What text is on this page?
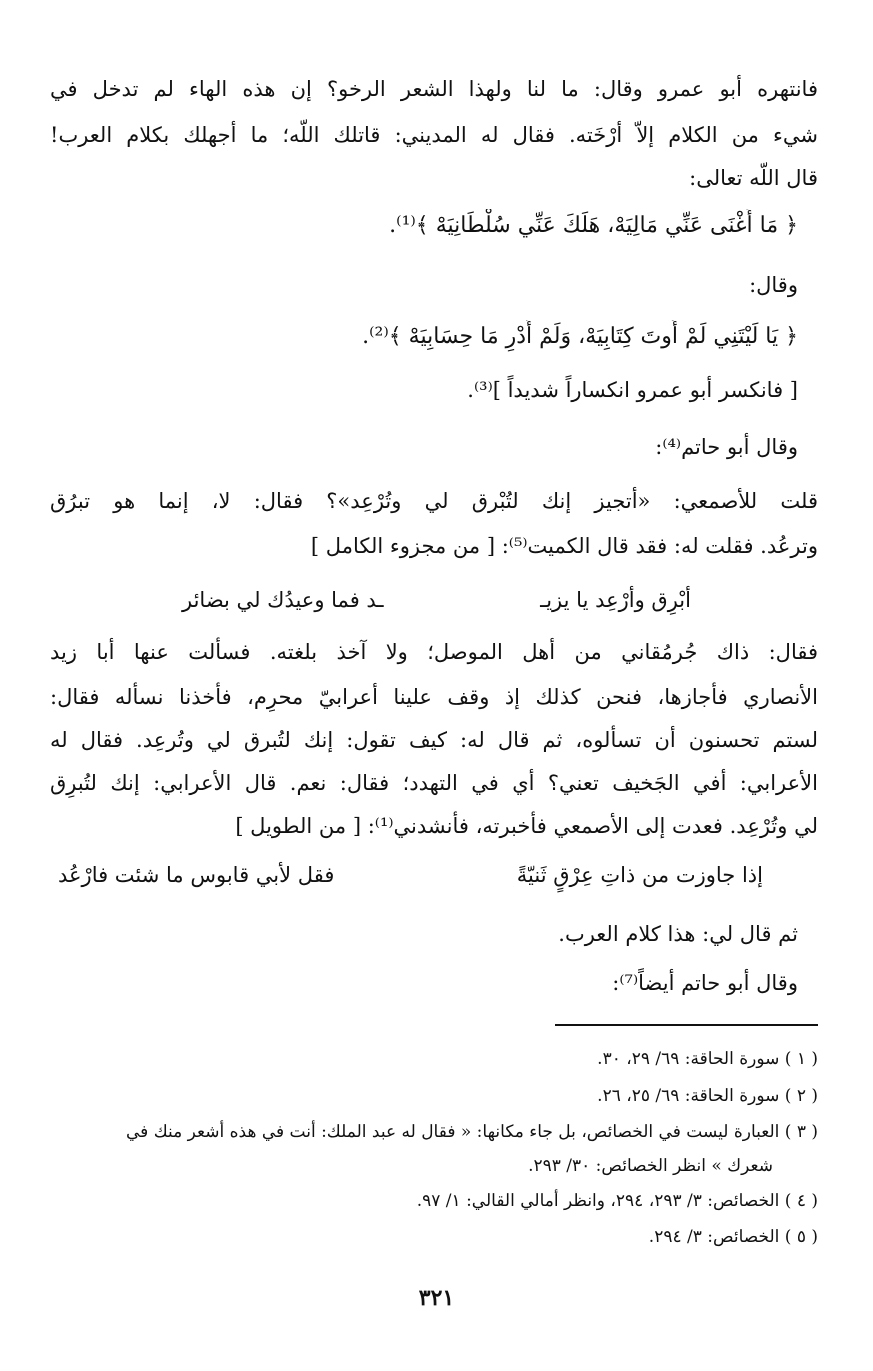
فانتهره أبو عمرو وقال: ما لنا ولهذا الشعر الرخو؟ إن هذه الهاء لم تدخل في
شيء من الكلام إلاّ أرْخَته. فقال له المديني: قاتلك اللّه؛ ما أجهلك بكلام العرب!
قال اللّه تعالى:
﴿ مَا أَغْنَى عَنِّي مَالِيَهْ، هَلَكَ عَنِّي سُلْطَانِيَهْ ﴾⁽¹⁾.
وقال:
﴿ يَا لَيْتَنِي لَمْ أُوتَ كِتَابِيَهْ، وَلَمْ أَدْرِ مَا حِسَابِيَهْ ﴾⁽²⁾.
[ فانكسر أبو عمرو انكساراً شديداً ]⁽³⁾.
وقال أبو حاتم⁽⁴⁾:
قلت للأصمعي: «أتجيز إنك لتُبْرق لي وتُرْعِد»؟ فقال: لا، إنما هو تبرُق
وترعُد. فقلت له: فقد قال الكميت⁽⁵⁾: [ من مجزوء الكامل ]
أبْرِق وأرْعِد يا يزيـ
ـد فما وعيدُك لي بضائر
فقال: ذاك جُرمُقاني من أهل الموصل؛ ولا آخذ بلغته. فسألت عنها أبا زيد
الأنصاري فأجازها، فنحن كذلك إذ وقف علينا أعرابيّ محرِم، فأخذنا نسأله فقال:
لستم تحسنون أن تسألوه، ثم قال له: كيف تقول: إنك لتُبرق لي وتُرعِد. فقال له
الأعرابي: أفي الجَخيف تعني؟ أي في التهدد؛ فقال: نعم. قال الأعرابي: إنك لتُبرِق
لي وتُرْعِد. فعدت إلى الأصمعي فأخبرته، فأنشدني⁽¹⁾: [ من الطويل ]
إذا جاوزت من ذاتِ عِرْقٍ ثَنيّةً
فقل لأبي قابوس ما شئت فارْعُد
ثم قال لي: هذا كلام العرب.
وقال أبو حاتم أيضاً⁽⁷⁾:
( ١ ) سورة الحاقة: ٦٩/ ٢٩، ٣٠.
( ٢ ) سورة الحاقة: ٦٩/ ٢٥، ٢٦.
( ٣ ) العبارة ليست في الخصائص، بل جاء مكانها: « فقال له عبد الملك: أنت في هذه أشعر منك في
شعرك » انظر الخصائص: ٣٠/ ٢٩٣.
( ٤ ) الخصائص: ٣/ ٢٩٣، ٢٩٤، وانظر أمالي القالي: ١/ ٩٧.
( ٥ ) الخصائص: ٣/ ٢٩٤.
٣٢١
